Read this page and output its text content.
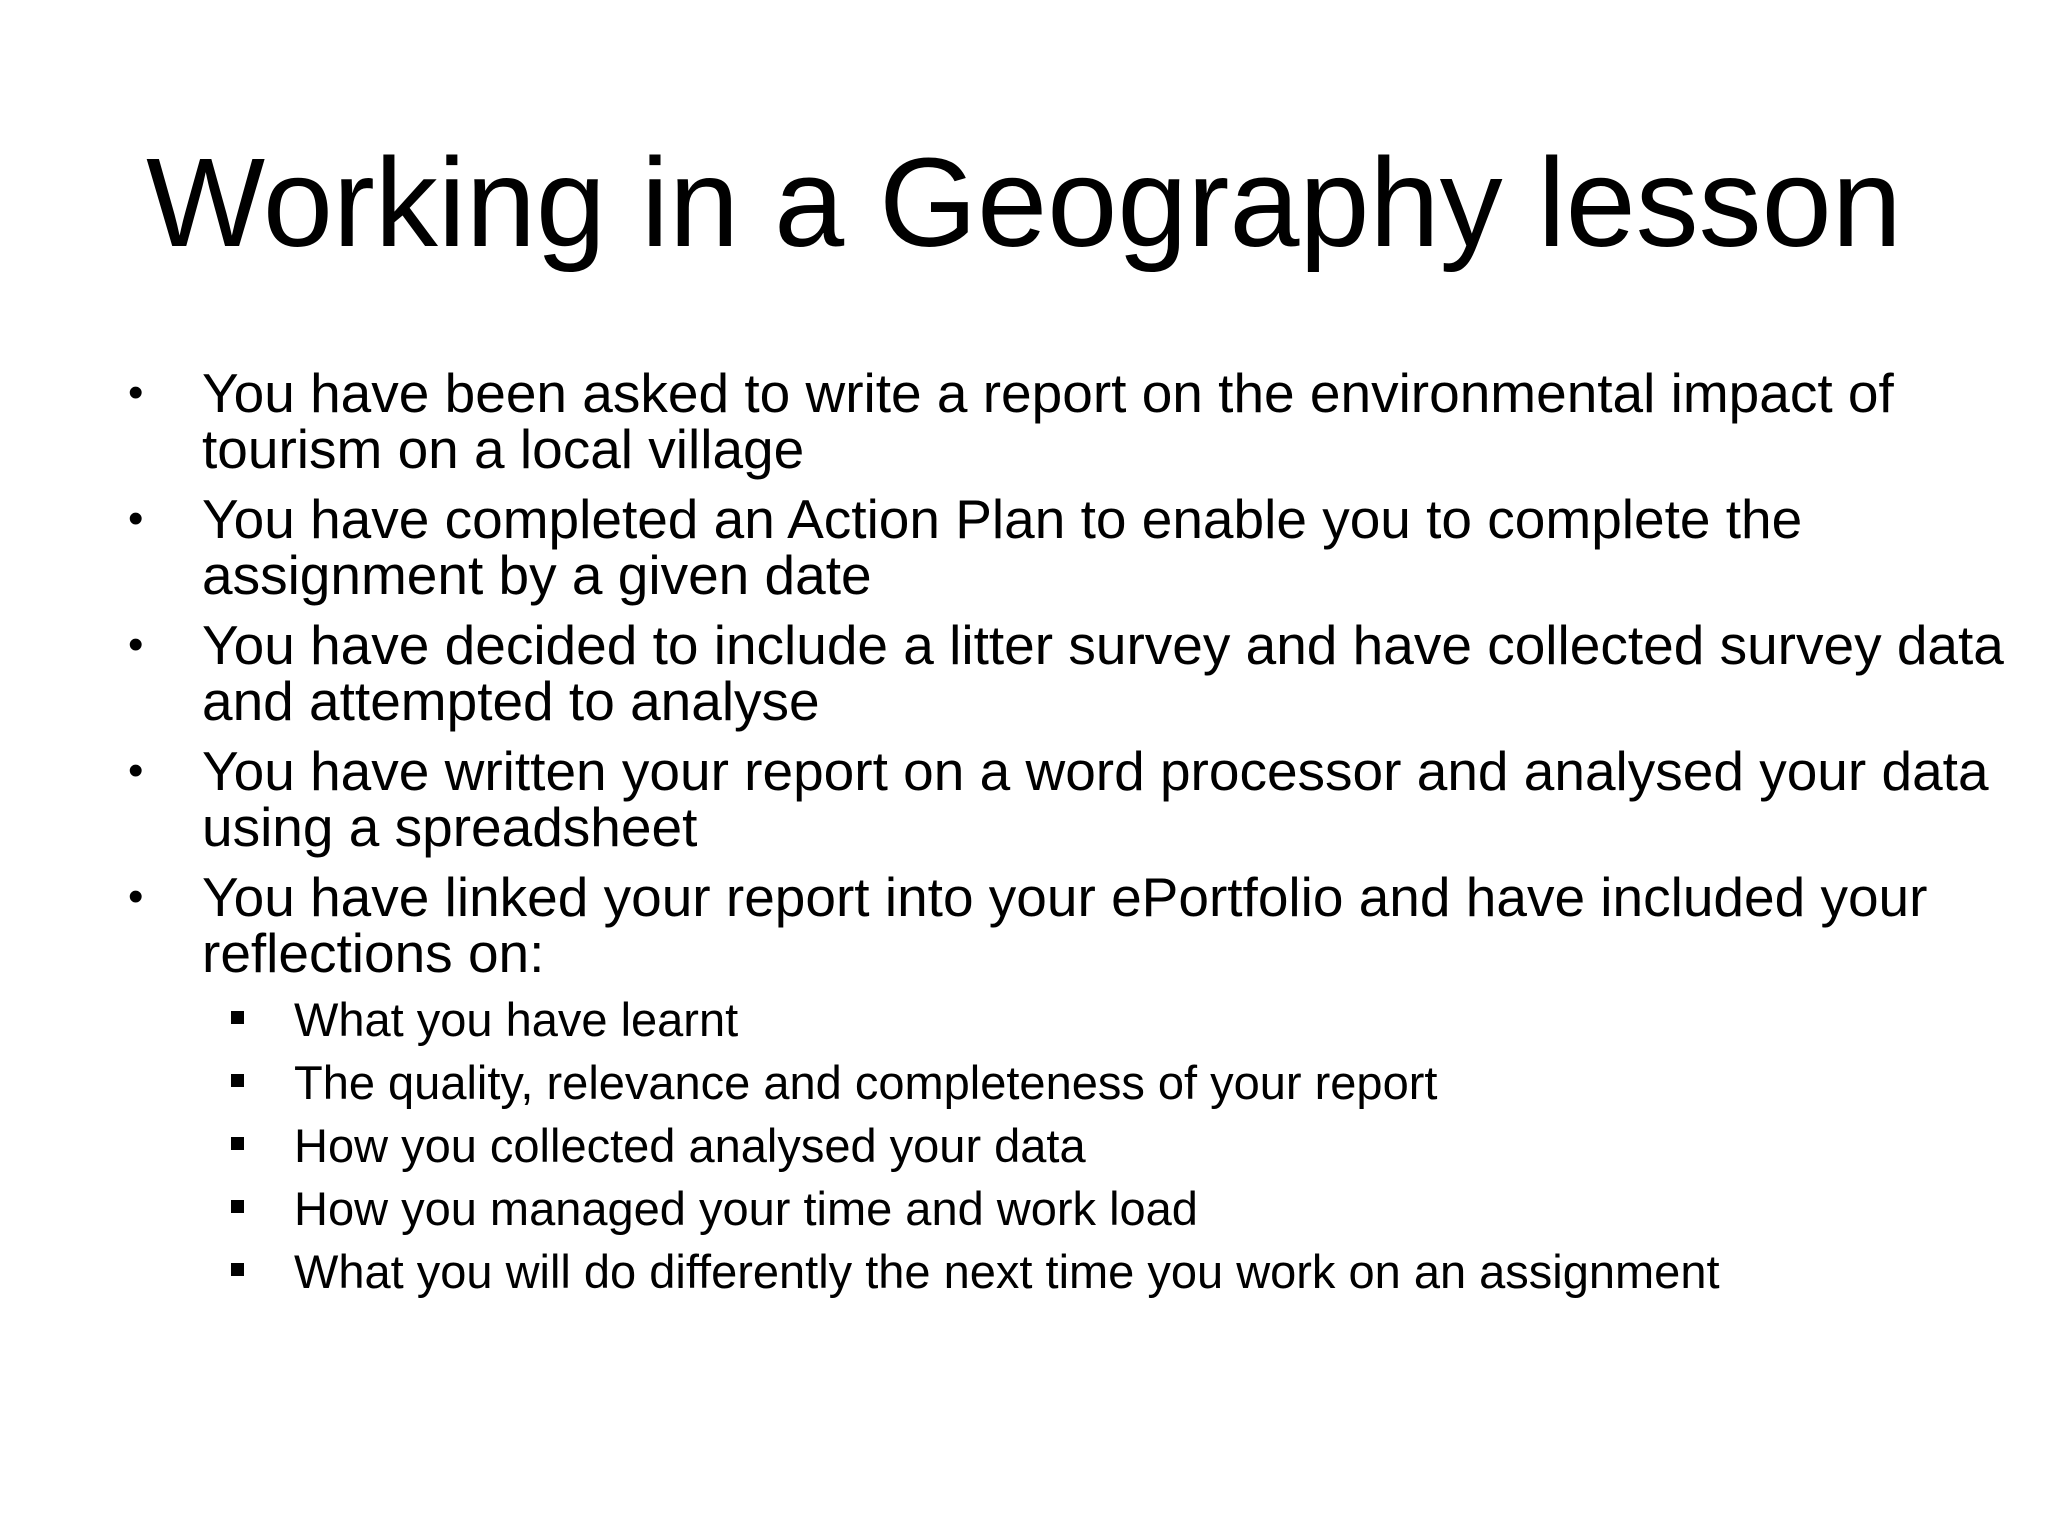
Working in a Geography lesson
• You have been asked to write a report on the environmental impact of tourism on a local village
• You have completed an Action Plan to enable you to complete the assignment by a given date
• You have decided to include a litter survey and have collected survey data and attempted to analyse
• You have written your report on a word processor and analysed your data using a spreadsheet
• You have linked your report into your ePortfolio and have included your reflections on:
What you have learnt
The quality, relevance and completeness of your report
How you collected analysed your data
How you managed your time and work load
What you will do differently the next time you work on an assignment
